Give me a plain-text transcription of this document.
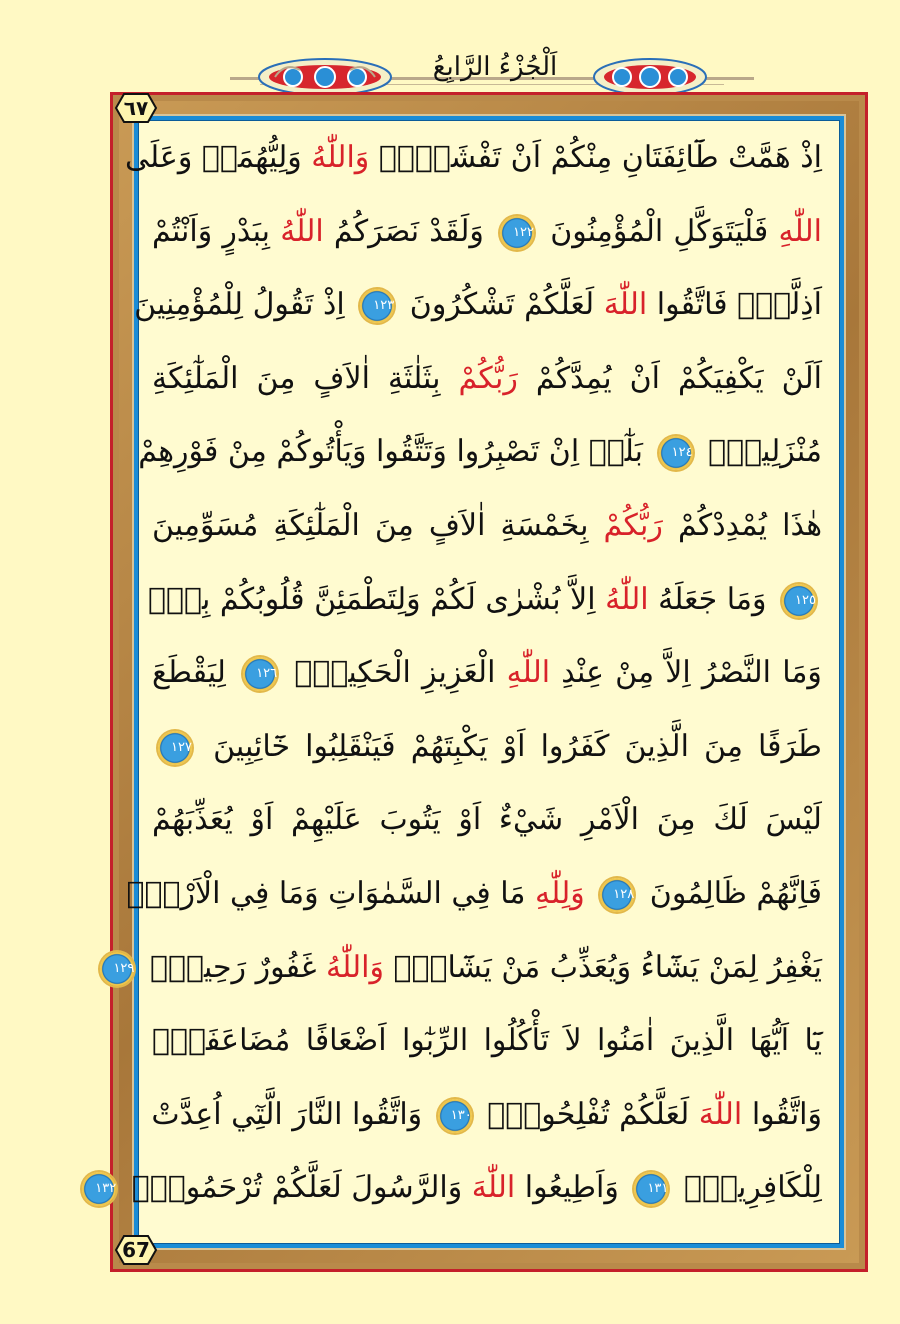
اَلْجُزْءُ الرَّابِعُ
٦٧
67
اِذْ هَمَّتْ طَٓائِفَتَانِ مِنْكُمْ اَنْ تَفْشَلاَۙ وَاللّٰهُ وَلِيُّهُمَاۜ وَعَلَى
اللّٰهِ فَلْيَتَوَكَّلِ الْمُؤْمِنُونَ ١٢٢ وَلَقَدْ نَصَرَكُمُ اللّٰهُ بِبَدْرٍ وَاَنْتُمْ
اَذِلَّةٌۚ فَاتَّقُوا اللّٰهَ لَعَلَّكُمْ تَشْكُرُونَ ١٢٣ اِذْ تَقُولُ لِلْمُؤْمِنِينَ
اَلَنْ يَكْفِيَكُمْ اَنْ يُمِدَّكُمْ رَبُّكُمْ بِثَلٰثَةِ اٰلاَفٍ مِنَ الْمَلٰٓئِكَةِ
مُنْزَلِينَۜ ١٢٤ بَلٰٓىۙ اِنْ تَصْبِرُوا وَتَتَّقُوا وَيَأْتُوكُمْ مِنْ فَوْرِهِمْ
هٰذَا يُمْدِدْكُمْ رَبُّكُمْ بِخَمْسَةِ اٰلاَفٍ مِنَ الْمَلٰٓئِكَةِ مُسَوِّمِينَ
١٢٥ وَمَا جَعَلَهُ اللّٰهُ اِلاَّ بُشْرٰى لَكُمْ وَلِتَطْمَئِنَّ قُلُوبُكُمْ بِهٖۜ
وَمَا النَّصْرُ اِلاَّ مِنْ عِنْدِ اللّٰهِ الْعَزِيزِ الْحَكِيمِۙ ١٢٦ لِيَقْطَعَ
طَرَفًا مِنَ الَّذِينَ كَفَرُوا اَوْ يَكْبِتَهُمْ فَيَنْقَلِبُوا خَٓائِبِينَ ١٢٧
لَيْسَ لَكَ مِنَ الْاَمْرِ شَيْءٌ اَوْ يَتُوبَ عَلَيْهِمْ اَوْ يُعَذِّبَهُمْ
فَاِنَّهُمْ ظَالِمُونَ ١٢٨ وَلِلّٰهِ مَا فِي السَّمٰوَاتِ وَمَا فِي الْاَرْضِۜ
يَغْفِرُ لِمَنْ يَشَٓاءُ وَيُعَذِّبُ مَنْ يَشَٓاءُۜ وَاللّٰهُ غَفُورٌ رَحِيمٌ۟ ١٢٩
يَٓا اَيُّهَا الَّذِينَ اٰمَنُوا لاَ تَأْكُلُوا الرِّبٰٓوا اَضْعَافًا مُضَاعَفَةًۖ
وَاتَّقُوا اللّٰهَ لَعَلَّكُمْ تُفْلِحُونَۚ ١٣٠ وَاتَّقُوا النَّارَ الَّتِٓي اُعِدَّتْ
لِلْكَافِرِينَۚ ١٣١ وَاَطِيعُوا اللّٰهَ وَالرَّسُولَ لَعَلَّكُمْ تُرْحَمُونَۚ ١٣٢
